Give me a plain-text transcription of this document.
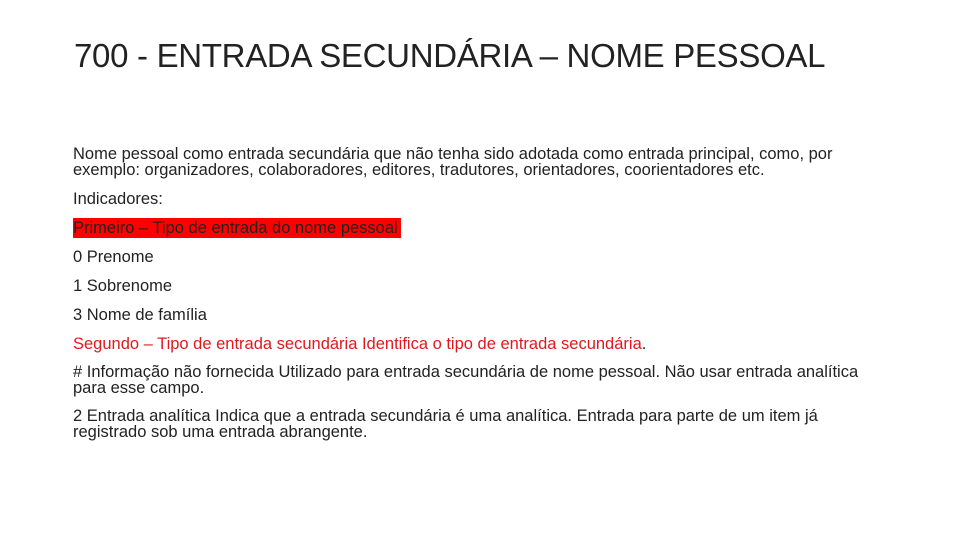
700 - ENTRADA SECUNDÁRIA – NOME PESSOAL

Nome pessoal como entrada secundária que não tenha sido adotada como entrada principal, como, por exemplo: organizadores, colaboradores, editores, tradutores, orientadores, coorientadores etc.

Indicadores:

Primeiro – Tipo de entrada do nome pessoal

0 Prenome

1 Sobrenome

3 Nome de família

Segundo – Tipo de entrada secundária Identifica o tipo de entrada secundária.

# Informação não fornecida Utilizado para entrada secundária de nome pessoal. Não usar entrada analítica para esse campo.

2 Entrada analítica Indica que a entrada secundária é uma analítica. Entrada para parte de um item já registrado sob uma entrada abrangente.
